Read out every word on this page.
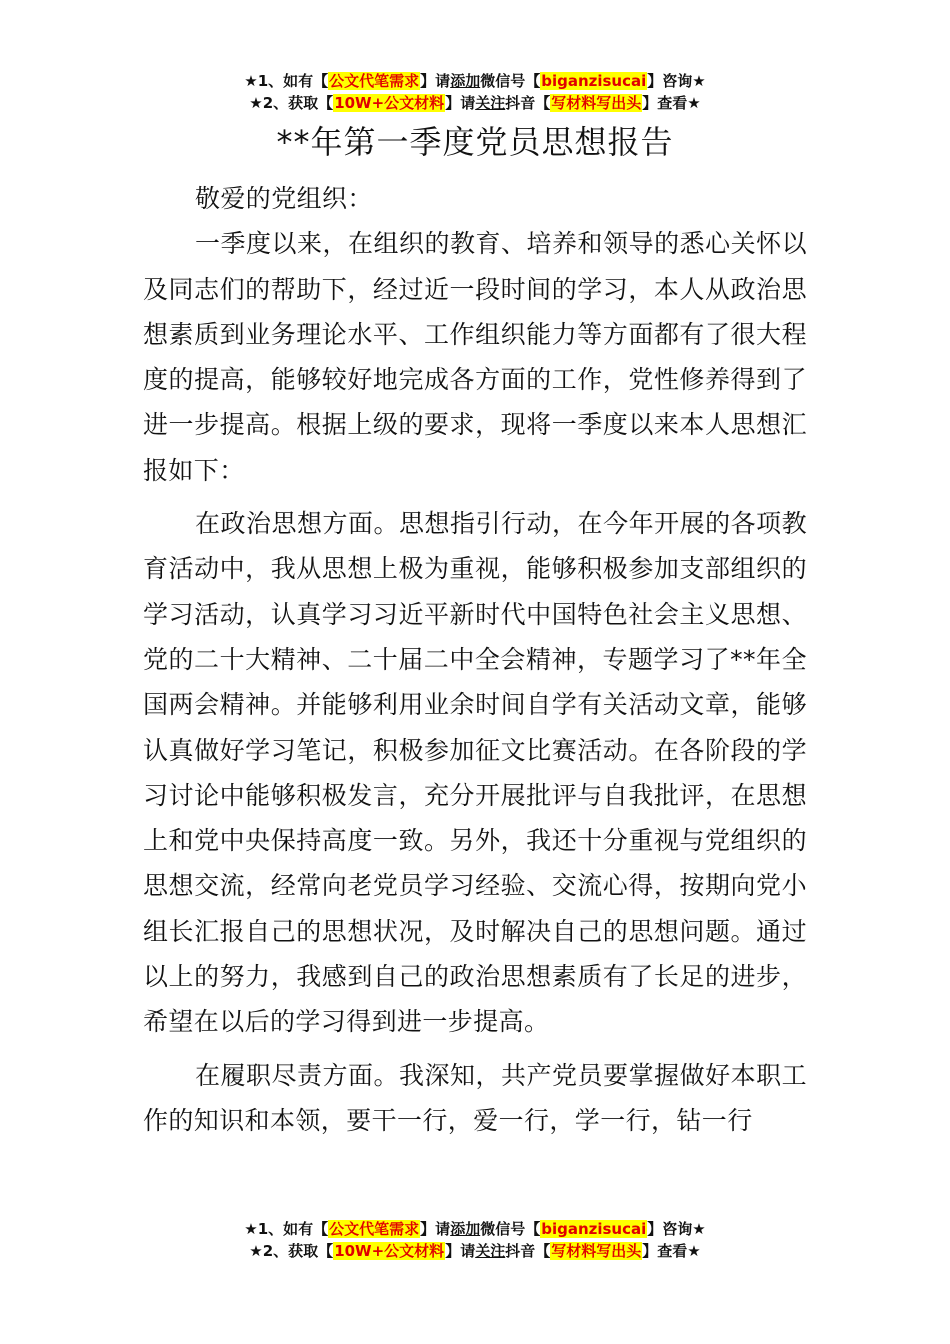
★1、如有【公文代笔需求】请添加微信号【biganzisucai】咨询★
★2、获取【10W+公文材料】请关注抖音【写材料写出头】查看★
**年第一季度党员思想报告

敬爱的党组织：

一季度以来，在组织的教育、培养和领导的悉心关怀以及同志们的帮助下，经过近一段时间的学习，本人从政治思想素质到业务理论水平、工作组织能力等方面都有了很大程度的提高，能够较好地完成各方面的工作，党性修养得到了进一步提高。根据上级的要求，现将一季度以来本人思想汇报如下：

在政治思想方面。思想指引行动，在今年开展的各项教育活动中，我从思想上极为重视，能够积极参加支部组织的学习活动，认真学习习近平新时代中国特色社会主义思想、党的二十大精神、二十届二中全会精神，专题学习了**年全国两会精神。并能够利用业余时间自学有关活动文章，能够认真做好学习笔记，积极参加征文比赛活动。在各阶段的学习讨论中能够积极发言，充分开展批评与自我批评，在思想上和党中央保持高度一致。另外，我还十分重视与党组织的思想交流，经常向老党员学习经验、交流心得，按期向党小组长汇报自己的思想状况，及时解决自己的思想问题。通过以上的努力，我感到自己的政治思想素质有了长足的进步，希望在以后的学习得到进一步提高。

在履职尽责方面。我深知，共产党员要掌握做好本职工作的知识和本领，要干一行，爱一行，学一行，钻一行

★1、如有【公文代笔需求】请添加微信号【biganzisucai】咨询★
★2、获取【10W+公文材料】请关注抖音【写材料写出头】查看★
